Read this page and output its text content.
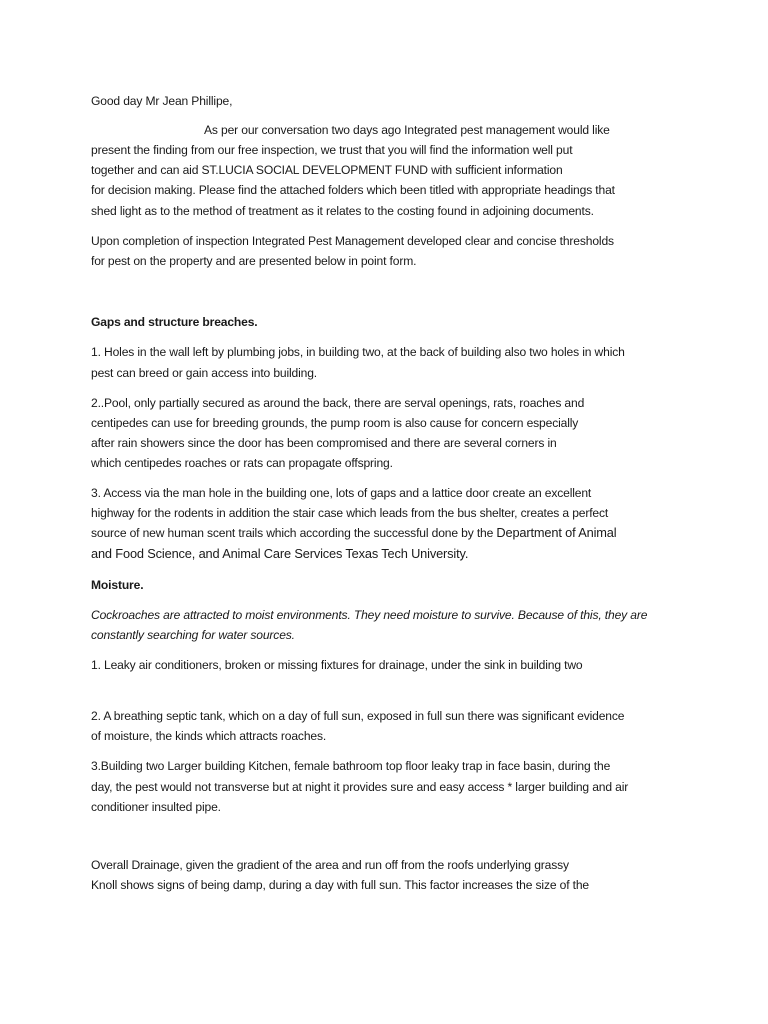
Good day Mr Jean Phillipe,
As per our conversation two days ago Integrated pest management would like
present the finding from our free inspection, we trust that you will find the information well put
together and can aid ST.LUCIA SOCIAL DEVELOPMENT FUND with sufficient information
for decision making. Please find the attached folders which been titled with appropriate headings that
shed light as to the method of treatment as it relates to the costing found in adjoining documents.
Upon completion of inspection Integrated Pest Management developed clear and concise thresholds
for pest on the property and are presented below in point form.
Gaps and structure breaches.
1. Holes in the wall left by plumbing jobs, in building two, at the back of building also two holes in which
pest can breed or gain access into building.
2..Pool, only partially secured as around the back, there are serval openings, rats, roaches and
centipedes can use for breeding grounds, the pump room is also cause for concern especially
after rain showers since the door has been compromised and there are several corners in
which centipedes roaches or rats can propagate offspring.
3. Access via the man hole in the building one, lots of gaps and a lattice door create an excellent
highway for the rodents in addition the stair case which leads from the bus shelter, creates a perfect
source of new human scent trails which according the successful done by the Department of Animal
and Food Science, and Animal Care Services Texas Tech University.
Moisture.
Cockroaches are attracted to moist environments. They need moisture to survive. Because of this, they are
constantly searching for water sources.
1. Leaky air conditioners, broken or missing fixtures for drainage, under the sink in building two
2. A breathing septic tank, which on a day of full sun, exposed in full sun there was significant evidence
of moisture, the kinds which attracts roaches.
3.Building two Larger building Kitchen, female bathroom top floor leaky trap in face basin, during the
day, the pest would not transverse but at night it provides sure and easy access * larger building and air
conditioner insulted pipe.
Overall Drainage, given the gradient of the area and run off from the roofs underlying grassy
Knoll shows signs of being damp, during a day with full sun. This factor increases the size of the
